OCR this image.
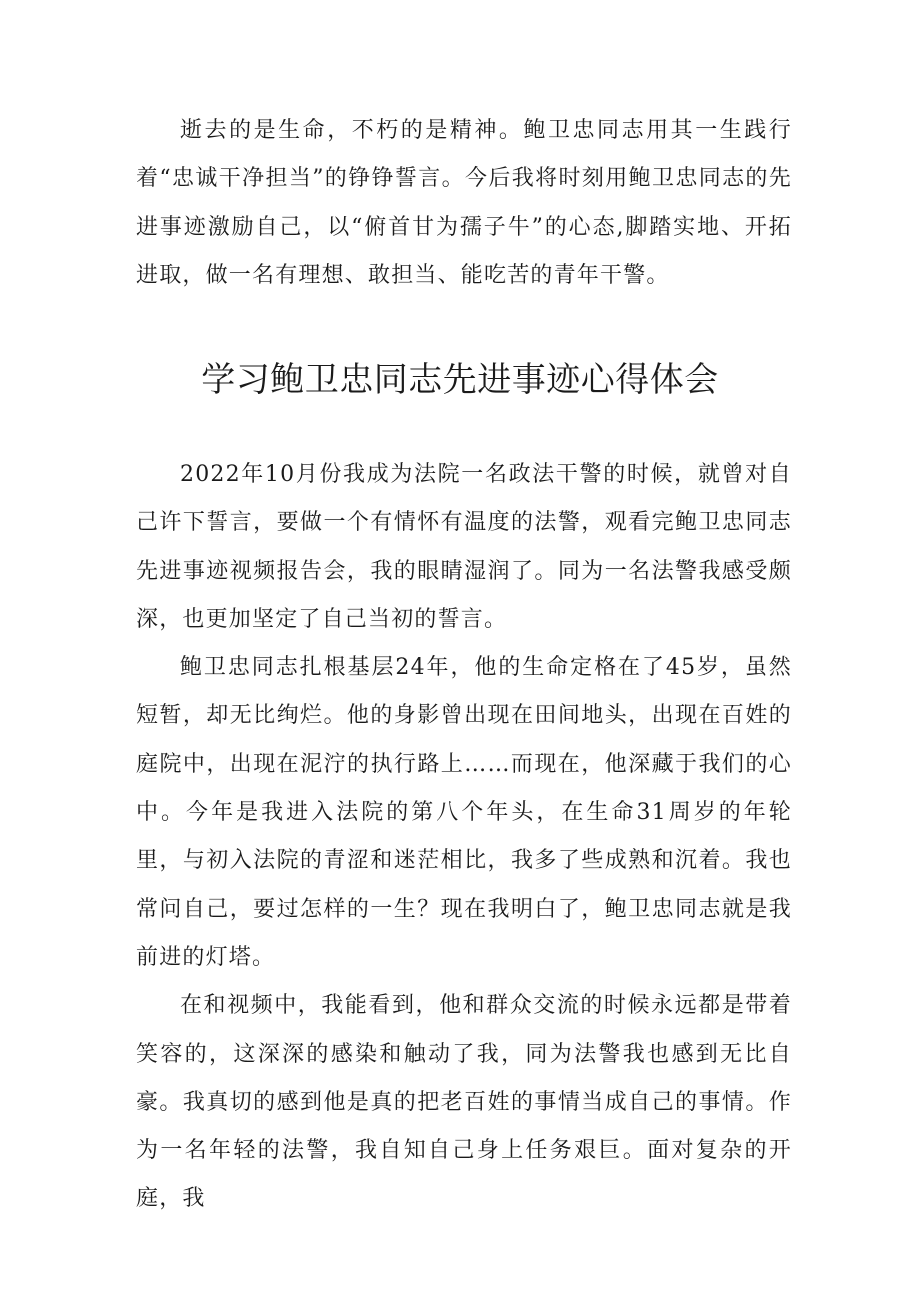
逝去的是生命，不朽的是精神。鲍卫忠同志用其一生践行着“忠诚干净担当”的铮铮誓言。今后我将时刻用鲍卫忠同志的先进事迹激励自己，以“俯首甘为孺子牛”的心态,脚踏实地、开拓进取，做一名有理想、敢担当、能吃苦的青年干警。

学习鲍卫忠同志先进事迹心得体会

2022年10月份我成为法院一名政法干警的时候，就曾对自己许下誓言，要做一个有情怀有温度的法警，观看完鲍卫忠同志先进事迹视频报告会，我的眼睛湿润了。同为一名法警我感受颇深，也更加坚定了自己当初的誓言。

鲍卫忠同志扎根基层24年，他的生命定格在了45岁，虽然短暂，却无比绚烂。他的身影曾出现在田间地头，出现在百姓的庭院中，出现在泥泞的执行路上……而现在，他深藏于我们的心中。今年是我进入法院的第八个年头，在生命31周岁的年轮里，与初入法院的青涩和迷茫相比，我多了些成熟和沉着。我也常问自己，要过怎样的一生？现在我明白了，鲍卫忠同志就是我前进的灯塔。

在和视频中，我能看到，他和群众交流的时候永远都是带着笑容的，这深深的感染和触动了我，同为法警我也感到无比自豪。我真切的感到他是真的把老百姓的事情当成自己的事情。作为一名年轻的法警，我自知自己身上任务艰巨。面对复杂的开庭，我
